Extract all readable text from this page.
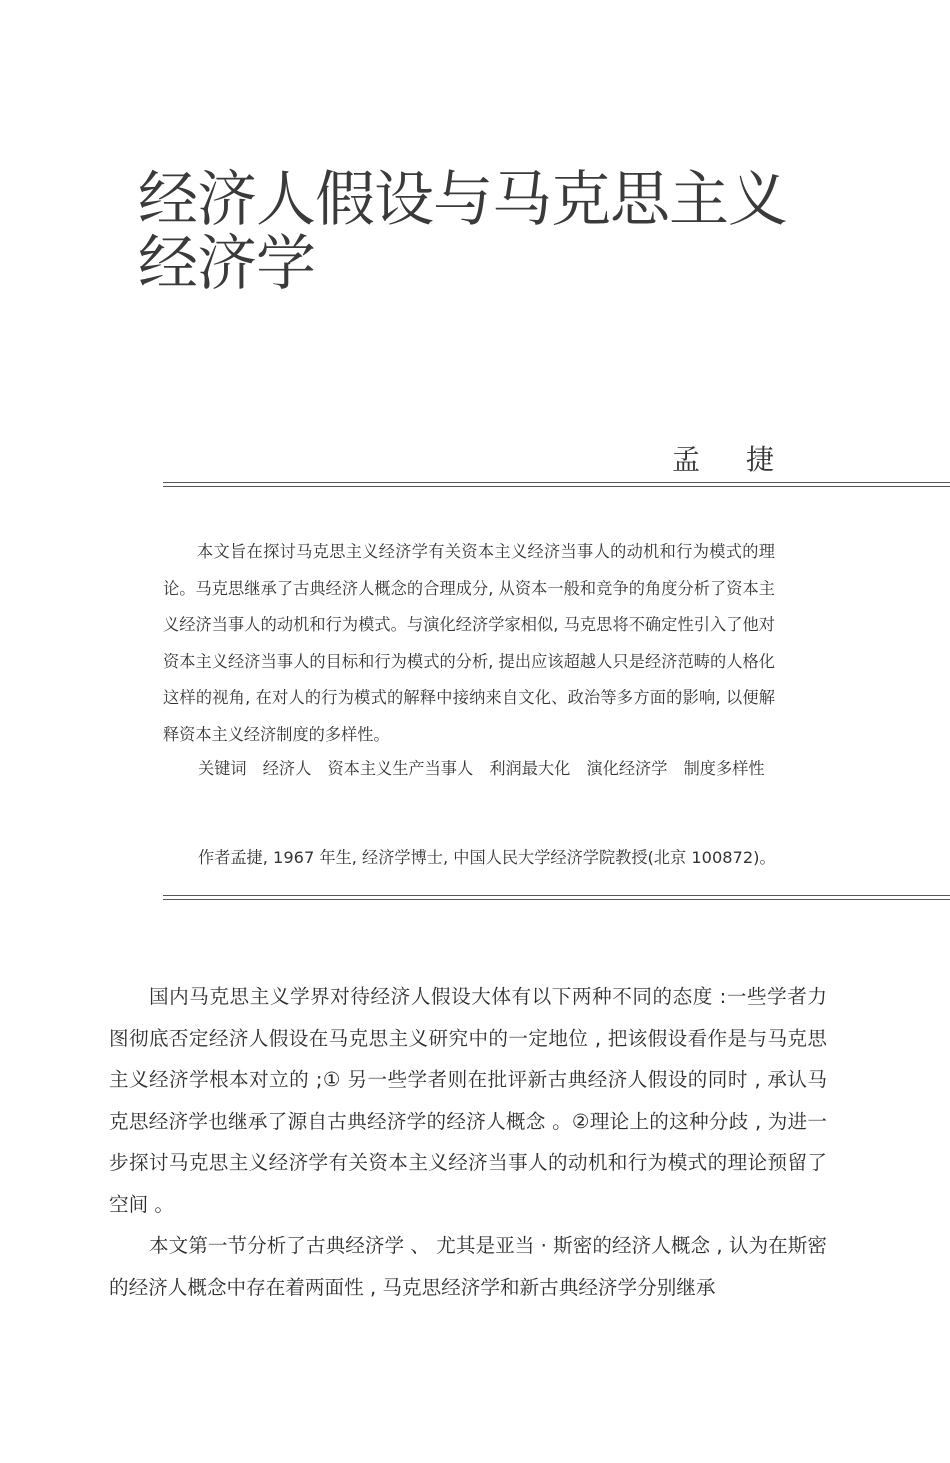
经济人假设与马克思主义经济学
孟捷

本文旨在探讨马克思主义经济学有关资本主义经济当事人的动机和行为模式的理论。马克思继承了古典经济人概念的合理成分, 从资本一般和竞争的角度分析了资本主义经济当事人的动机和行为模式。与演化经济学家相似, 马克思将不确定性引入了他对资本主义经济当事人的目标和行为模式的分析, 提出应该超越人只是经济范畴的人格化这样的视角, 在对人的行为模式的解释中接纳来自文化、政治等多方面的影响, 以便解释资本主义经济制度的多样性。

关键词　经济人　资本主义生产当事人　利润最大化　演化经济学　制度多样性

作者孟捷, 1967 年生, 经济学博士, 中国人民大学经济学院教授(北京 100872)。

国内马克思主义学界对待经济人假设大体有以下两种不同的态度 :一些学者力图彻底否定经济人假设在马克思主义研究中的一定地位 , 把该假设看作是与马克思主义经济学根本对立的 ;① 另一些学者则在批评新古典经济人假设的同时 , 承认马克思经济学也继承了源自古典经济学的经济人概念 。②理论上的这种分歧 , 为进一步探讨马克思主义经济学有关资本主义经济当事人的动机和行为模式的理论预留了空间 。

本文第一节分析了古典经济学 、 尤其是亚当 · 斯密的经济人概念 , 认为在斯密的经济人概念中存在着两面性 , 马克思经济学和新古典经济学分别继承
